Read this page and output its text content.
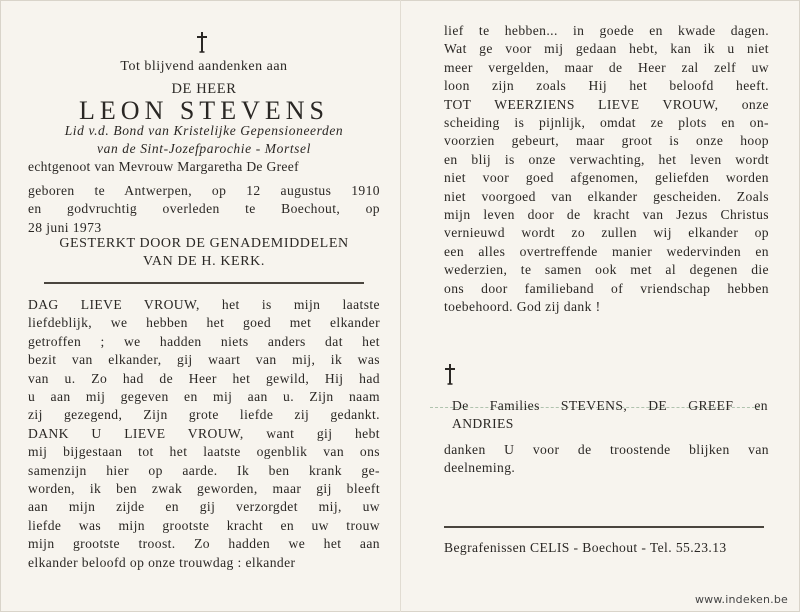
Tot blijvend aandenken aan
DE HEER
LEON STEVENS
Lid v.d. Bond van Kristelijke Gepensioneerden
van de Sint-Jozefparochie - Mortsel
echtgenoot van Mevrouw Margaretha De Greef
geboren te Antwerpen, op 12 augustus 1910
en godvruchtig overleden te Boechout, op
28 juni 1973
GESTERKT DOOR DE GENADEMIDDELEN
VAN DE H. KERK.
DAG LIEVE VROUW, het is mijn laatste
liefdeblijk, we hebben het goed met elkander
getroffen ; we hadden niets anders dat het
bezit van elkander, gij waart van mij, ik was
van u. Zo had de Heer het gewild, Hij had
u aan mij gegeven en mij aan u. Zijn naam
zij gezegend, Zijn grote liefde zij gedankt.
DANK U LIEVE VROUW, want gij hebt
mij bijgestaan tot het laatste ogenblik van ons
samenzijn hier op aarde. Ik ben krank ge-
worden, ik ben zwak geworden, maar gij bleeft
aan mijn zijde en gij verzorgdet mij, uw
liefde was mijn grootste kracht en uw trouw
mijn grootste troost. Zo hadden we het aan
elkander beloofd op onze trouwdag : elkander
lief te hebben... in goede en kwade dagen.
Wat ge voor mij gedaan hebt, kan ik u niet
meer vergelden, maar de Heer zal zelf uw
loon zijn zoals Hij het beloofd heeft.
TOT WEERZIENS LIEVE VROUW, onze
scheiding is pijnlijk, omdat ze plots en on-
voorzien gebeurt, maar groot is onze hoop
en blij is onze verwachting, het leven wordt
niet voor goed afgenomen, geliefden worden
niet voorgoed van elkander gescheiden. Zoals
mijn leven door de kracht van Jezus Christus
vernieuwd wordt zo zullen wij elkander op
een alles overtreffende manier wedervinden en
wederzien, te samen ook met al degenen die
ons door familieband of vriendschap hebben
toebehoord. God zij dank !
De Families STEVENS, DE GREEF en
ANDRIES
danken U voor de troostende blijken van
deelneming.
Begrafenissen CELIS - Boechout - Tel. 55.23.13
www.indeken.be
